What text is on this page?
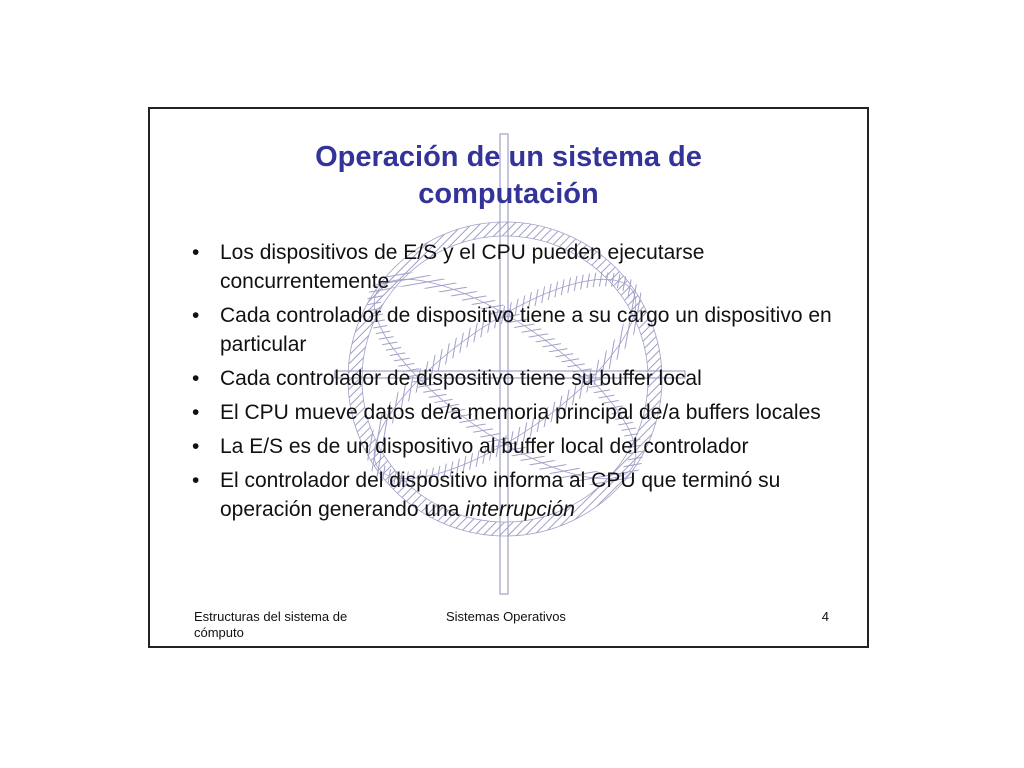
Operación de un sistema de
computación
• Los dispositivos de E/S y el CPU pueden ejecutarse concurrentemente
• Cada controlador de dispositivo tiene a su cargo un dispositivo en particular
• Cada controlador de dispositivo tiene su buffer local
• El CPU mueve datos de/a memoria principal de/a buffers locales
• La E/S es de un dispositivo al buffer local del controlador
• El controlador del dispositivo informa al CPU que terminó su operación generando una interrupción
Estructuras del sistema de cómputo
Sistemas Operativos	4
